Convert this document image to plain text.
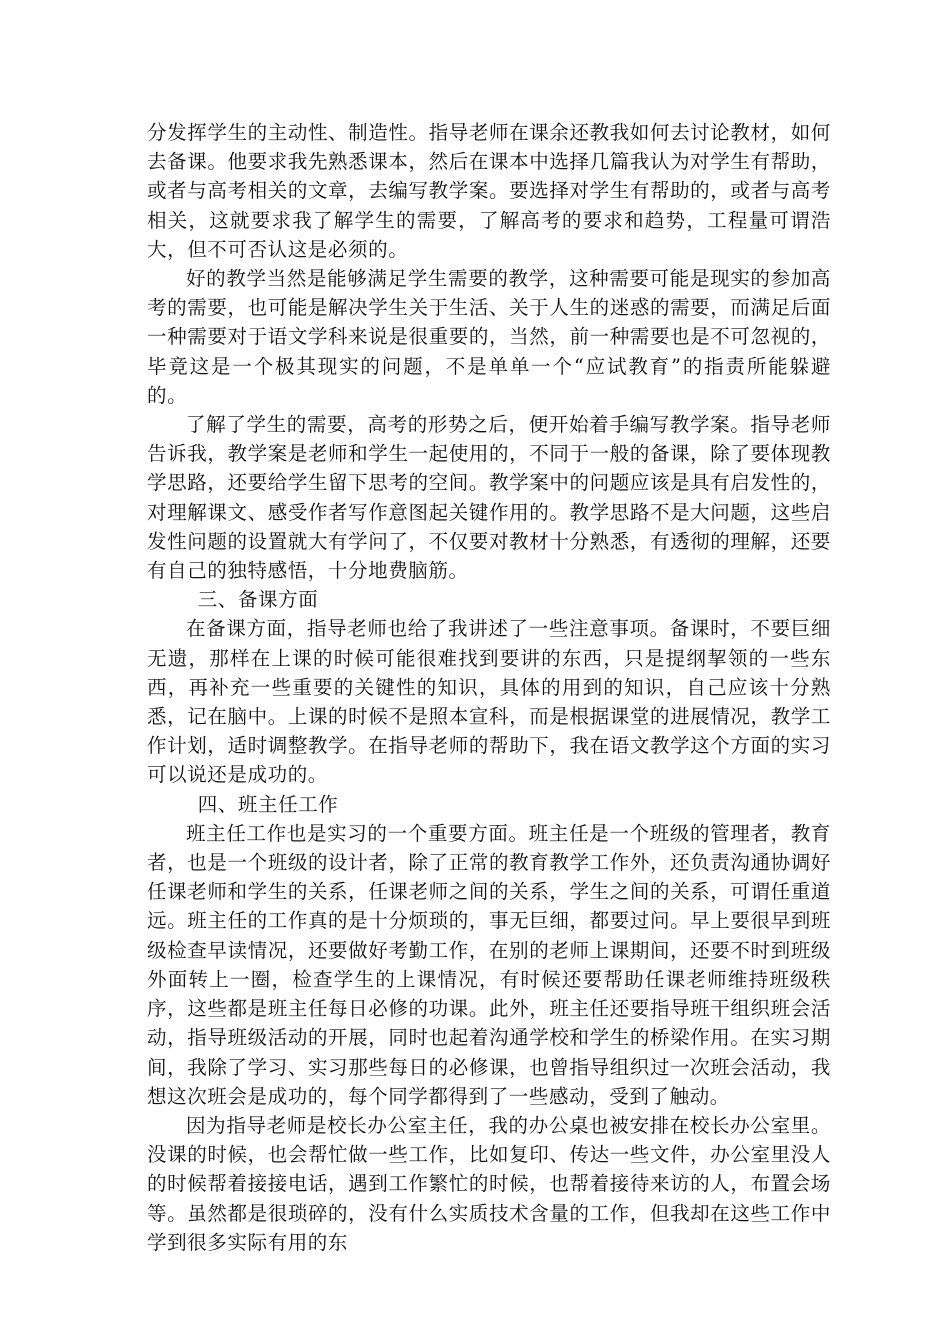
分发挥学生的主动性、制造性。指导老师在课余还教我如何去讨论教材，如何去备课。他要求我先熟悉课本，然后在课本中选择几篇我认为对学生有帮助，或者与高考相关的文章，去编写教学案。要选择对学生有帮助的，或者与高考相关，这就要求我了解学生的需要，了解高考的要求和趋势，工程量可谓浩大，但不可否认这是必须的。

好的教学当然是能够满足学生需要的教学，这种需要可能是现实的参加高考的需要，也可能是解决学生关于生活、关于人生的迷惑的需要，而满足后面一种需要对于语文学科来说是很重要的，当然，前一种需要也是不可忽视的，毕竟这是一个极其现实的问题，不是单单一个“应试教育”的指责所能躲避的。

了解了学生的需要，高考的形势之后，便开始着手编写教学案。指导老师告诉我，教学案是老师和学生一起使用的，不同于一般的备课，除了要体现教学思路，还要给学生留下思考的空间。教学案中的问题应该是具有启发性的，对理解课文、感受作者写作意图起关键作用的。教学思路不是大问题，这些启发性问题的设置就大有学问了，不仅要对教材十分熟悉，有透彻的理解，还要有自己的独特感悟，十分地费脑筋。

三、备课方面

在备课方面，指导老师也给了我讲述了一些注意事项。备课时，不要巨细无遗，那样在上课的时候可能很难找到要讲的东西，只是提纲挈领的一些东西，再补充一些重要的关键性的知识，具体的用到的知识，自己应该十分熟悉，记在脑中。上课的时候不是照本宣科，而是根据课堂的进展情况，教学工作计划，适时调整教学。在指导老师的帮助下，我在语文教学这个方面的实习可以说还是成功的。

四、班主任工作

班主任工作也是实习的一个重要方面。班主任是一个班级的管理者，教育者，也是一个班级的设计者，除了正常的教育教学工作外，还负责沟通协调好任课老师和学生的关系，任课老师之间的关系，学生之间的关系，可谓任重道远。班主任的工作真的是十分烦琐的，事无巨细，都要过问。早上要很早到班级检查早读情况，还要做好考勤工作，在别的老师上课期间，还要不时到班级外面转上一圈，检查学生的上课情况，有时候还要帮助任课老师维持班级秩序，这些都是班主任每日必修的功课。此外，班主任还要指导班干组织班会活动，指导班级活动的开展，同时也起着沟通学校和学生的桥梁作用。在实习期间，我除了学习、实习那些每日的必修课，也曾指导组织过一次班会活动，我想这次班会是成功的，每个同学都得到了一些感动，受到了触动。

因为指导老师是校长办公室主任，我的办公桌也被安排在校长办公室里。没课的时候，也会帮忙做一些工作，比如复印、传达一些文件，办公室里没人的时候帮着接接电话，遇到工作繁忙的时候，也帮着接待来访的人，布置会场等。虽然都是很琐碎的，没有什么实质技术含量的工作，但我却在这些工作中学到很多实际有用的东
